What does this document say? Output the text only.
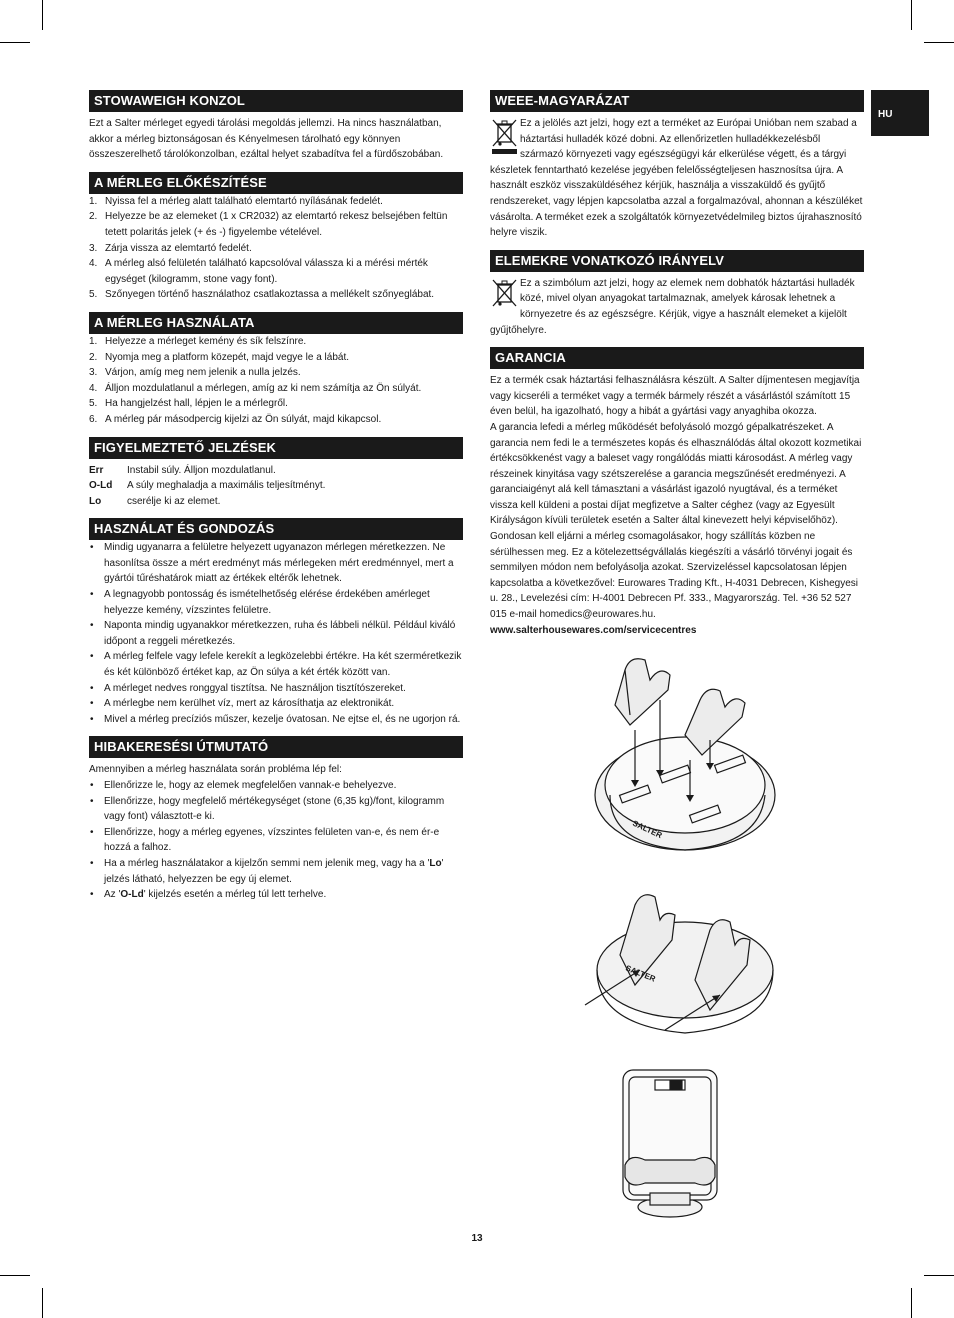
HU
STOWAWEIGH KONZOL
Ezt a Salter mérleget egyedi tárolási megoldás jellemzi. Ha nincs használatban, akkor a mérleg biztonságosan és Kényelmesen tárolható egy könnyen összeszerelhető tárolókonzolban, ezáltal helyet szabadítva fel a fürdőszobában.
A MÉRLEG ELŐKÉSZÍTÉSE
1. Nyissa fel a mérleg alatt található elemtartó nyílásának fedelét.
2. Helyezze be az elemeket (1 x CR2032) az elemtartó rekesz belsejében feltün tetett polaritás jelek (+ és -) figyelembe vételével.
3. Zárja vissza az elemtartó fedelét.
4. A mérleg alsó felületén található kapcsolóval válassza ki a mérési mérték egységet (kilogramm, stone vagy font).
5. Szőnyegen történő használathoz csatlakoztassa a mellékelt szőnyeglábat.
A MÉRLEG HASZNÁLATA
1. Helyezze a mérleget kemény és sík felszínre.
2. Nyomja meg a platform közepét, majd vegye le a lábát.
3. Várjon, amíg meg nem jelenik a nulla jelzés.
4. Álljon mozdulatlanul a mérlegen, amíg az ki nem számítja az Ön súlyát.
5. Ha hangjelzést hall, lépjen le a mérlegről.
6. A mérleg pár másodpercig kijelzi az Ön súlyát, majd kikapcsol.
FIGYELMEZTETŐ JELZÉSEK
Err	Instabil súly. Álljon mozdulatlanul.
O-Ld	A súly meghaladja a maximális teljesítményt.
Lo	cserélje ki az elemet.
HASZNÁLAT ÉS GONDOZÁS
•	Mindig ugyanarra a felületre helyezett ugyanazon mérlegen méretkezzen. Ne hasonlítsa össze a mért eredményt más mérlegeken mért eredménnyel, mert a gyártói tűréshatárok miatt az értékek eltérők lehetnek.
•	A legnagyobb pontosság és ismételhetőség elérése érdekében amérleget helyezze kemény, vízszintes felületre.
•	Naponta mindig ugyanakkor méretkezzen, ruha és lábbeli nélkül. Például kiváló időpont a reggeli méretkezés.
•	A mérleg felfele vagy lefele kerekít a legközelebbi értékre. Ha két szerméretkezik és két különböző értéket kap, az Ön súlya a két érték között van.
•	A mérleget nedves ronggyal tisztítsa. Ne használjon tisztítószereket.
•	A mérlegbe nem kerülhet víz, mert az károsíthatja az elektronikát.
•	Mivel a mérleg precíziós műszer, kezelje óvatosan. Ne ejtse el, és ne ugorjon rá.
HIBAKERESÉSI ÚTMUTATÓ
Amennyiben a mérleg használata során probléma lép fel:
•	Ellenőrizze le, hogy az elemek megfelelően vannak-e behelyezve.
•	Ellenőrizze, hogy megfelelő mértékegységet (stone (6,35 kg)/font, kilogramm vagy font) választott-e ki.
•	Ellenőrizze, hogy a mérleg egyenes, vízszintes felületen van-e, és nem ér-e hozzá a falhoz.
•	Ha a mérleg használatakor a kijelzőn semmi nem jelenik meg, vagy ha a 'Lo' jelzés látható, helyezzen be egy új elemet.
•	Az 'O-Ld' kijelzés esetén a mérleg túl lett terhelve.
WEEE-MAGYARÁZAT

Ez a jelölés azt jelzi, hogy ezt a terméket az Európai Unióban nem szabad a háztartási hulladék közé dobni. Az ellenőrizetlen hulladékkezelésből származó környezeti vagy egészségügyi kár elkerülése végett, és a tárgyi készletek fenntartható kezelése jegyében felelősségteljesen hasznosítsa újra. A használt eszköz visszaküldéséhez kérjük, használja a visszaküldő és gyűjtő rendszereket, vagy lépjen kapcsolatba azzal a forgalmazóval, ahonnan a készüléket vásárolta. A terméket ezek a szolgáltatók környezetvédelmileg biztos újrahasznosító helyre viszik.

ELEMEKRE VONATKOZÓ IRÁNYELV

Ez a szimbólum azt jelzi, hogy az elemek nem dobhatók háztartási hulladék közé, mivel olyan anyagokat tartalmaznak, amelyek károsak lehetnek a környezetre és az egészségre. Kérjük, vigye a használt elemeket a kijelölt gyűjtőhelyre.

GARANCIA

Ez a termék csak háztartási felhasználásra készült. A Salter díjmentesen megjavítja vagy kicseréli a terméket vagy a termék bármely részét a vásárlástól számított 15 éven belül, ha igazolható, hogy a hibát a gyártási vagy anyaghiba okozza.

A garancia lefedi a mérleg működését befolyásoló mozgó gépalkatrészeket. A garancia nem fedi le a természetes kopás és elhasználódás által okozott kozmetikai értékcsökkenést vagy a baleset vagy rongálódás miatti károsodást. A mérleg vagy részeinek kinyitása vagy szétszerelése a garancia megszűnését eredményezi. A garanciaigényt alá kell támasztani a vásárlást igazoló nyugtával, és a terméket vissza kell küldeni a postai díjat megfizetve a Salter céghez (vagy az Egyesült Királyságon kívüli területek esetén a Salter által kinevezett helyi képviselőhöz). Gondosan kell eljárni a mérleg csomagolásakor, hogy szállítás közben ne sérülhessen meg. Ez a kötelezettségvállalás kiegészíti a vásárló törvényi jogait és semmilyen módon nem befolyásolja azokat. Szervizeléssel kapcsolatosan lépjen kapcsolatba a következővel: Eurowares Trading Kft., H-4031 Debrecen, Kishegyesi u. 28., Levelezési cím: H-4001 Debrecen Pf. 333., Magyarország. Tel. +36 52 527 015 e-mail homedics@eurowares.hu.

www.salterhousewares.com/servicecentres

SALTER
SALTER
13
